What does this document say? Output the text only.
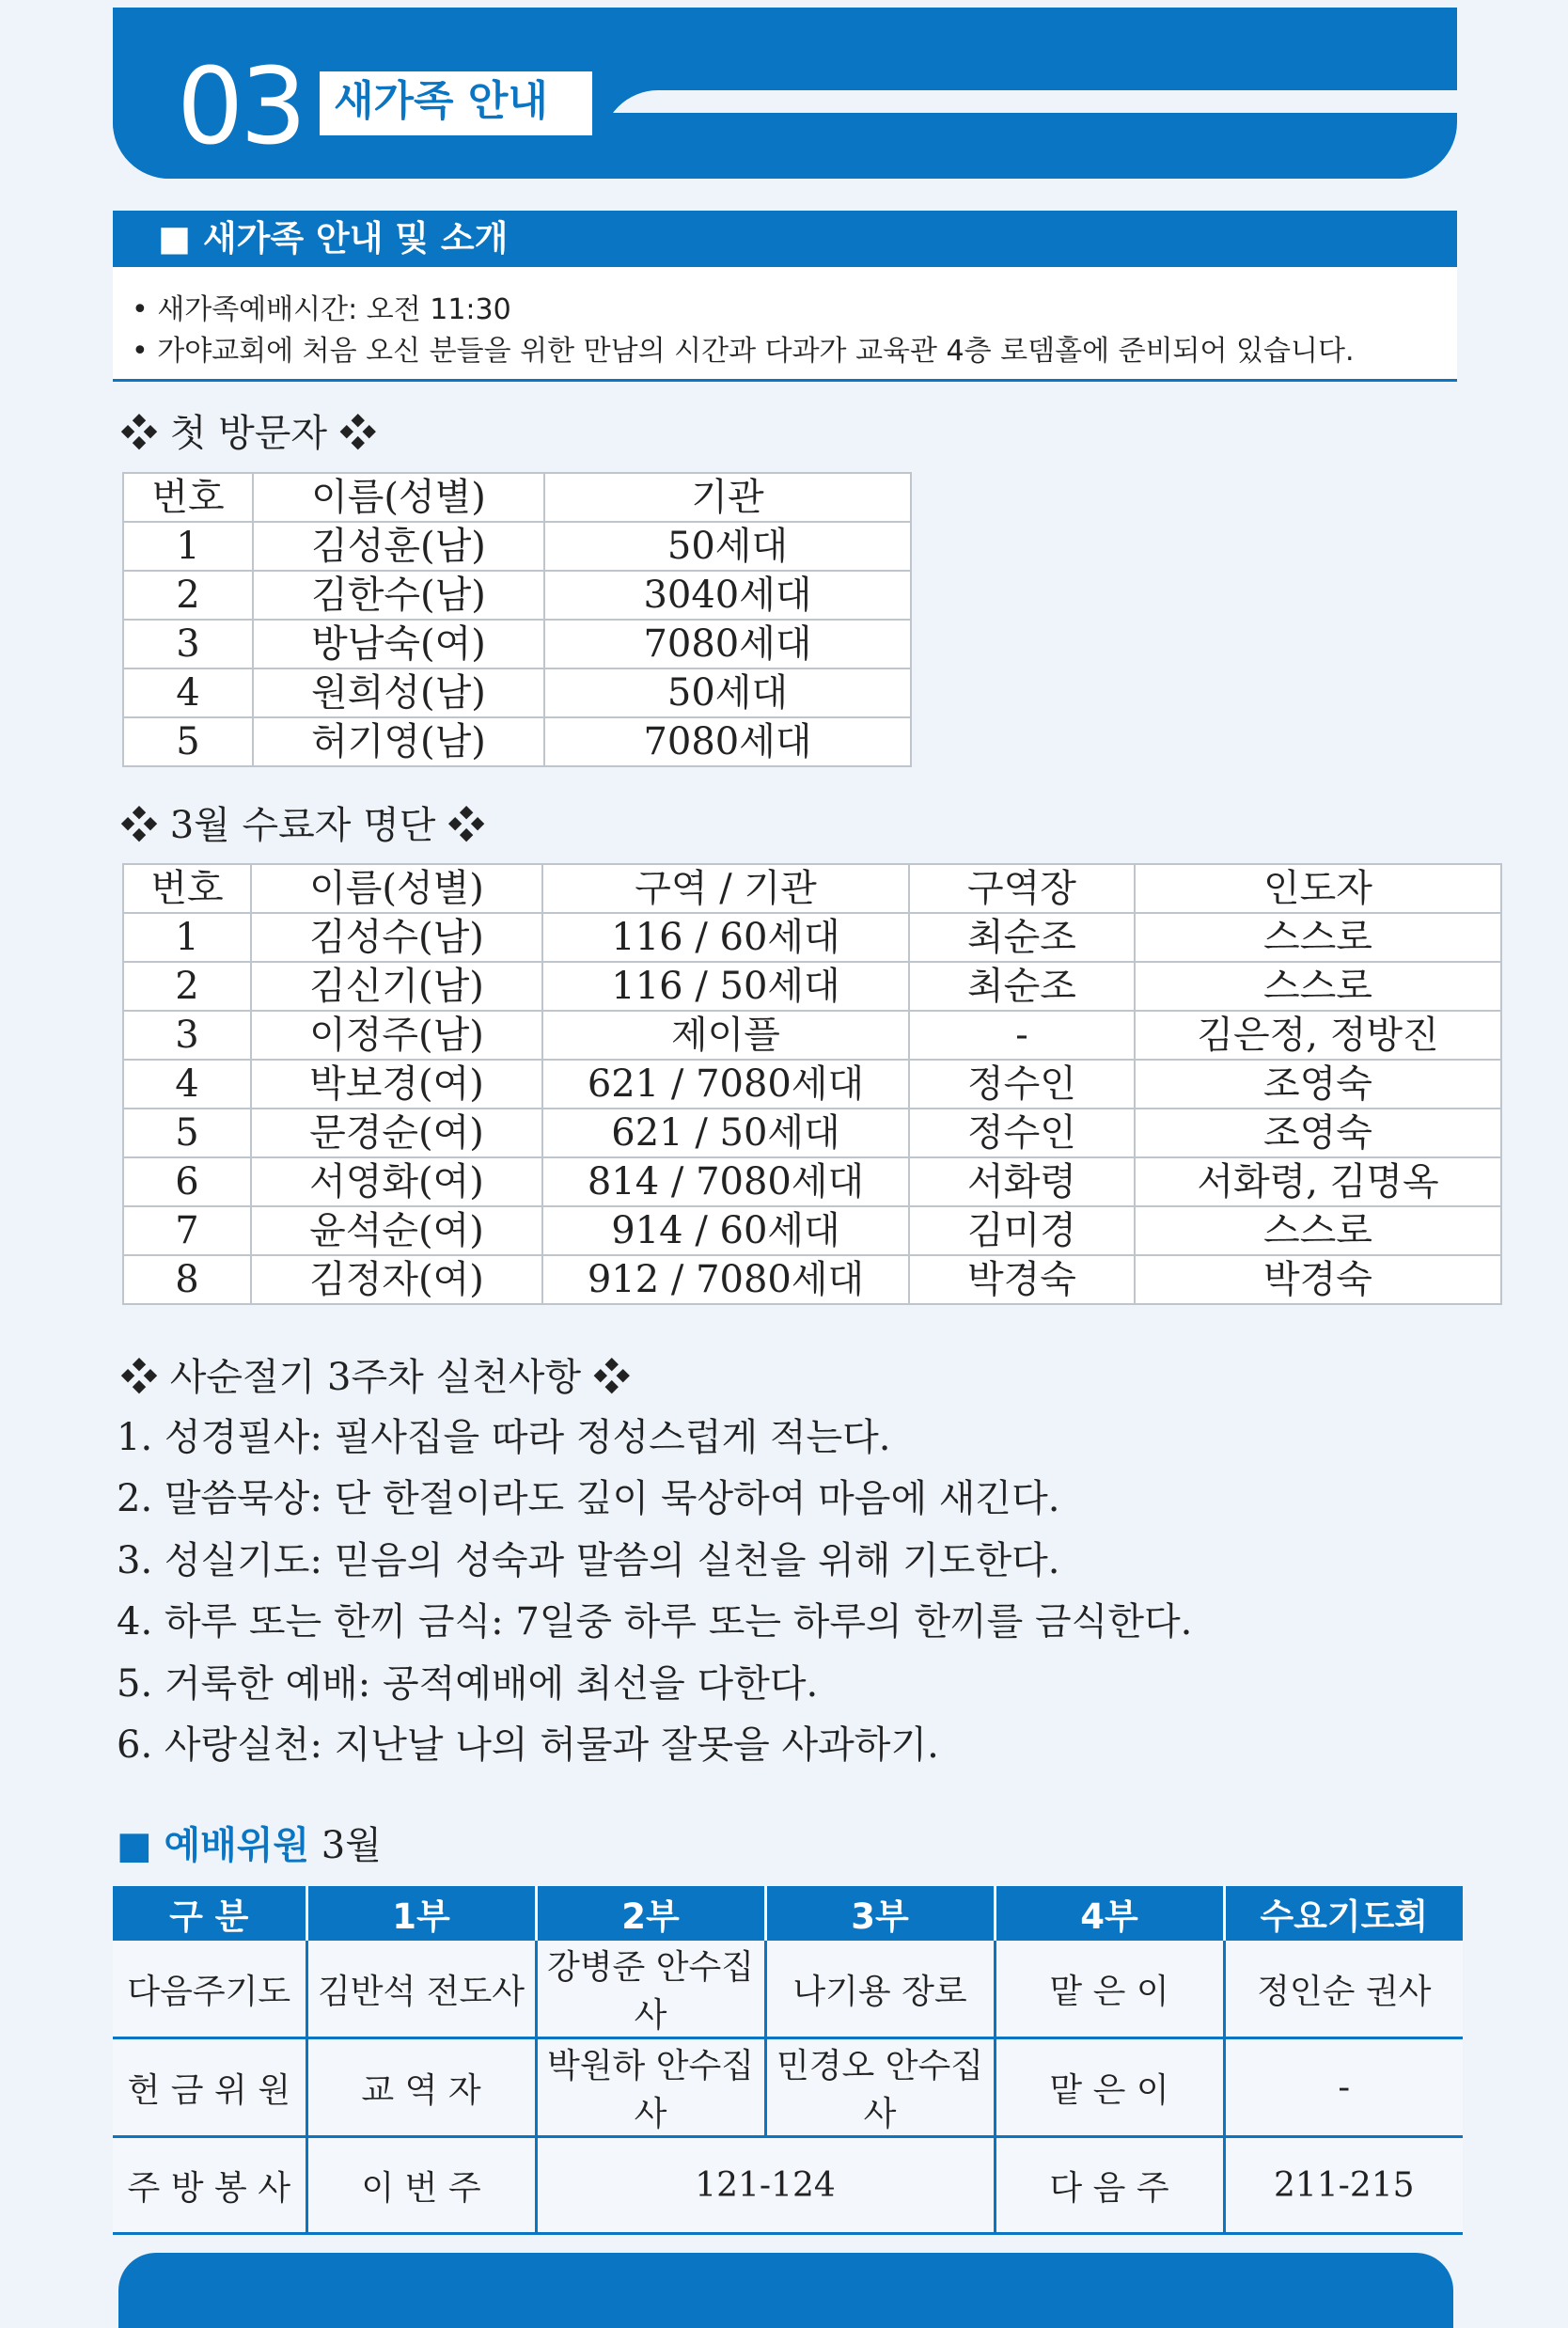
03 새가족 안내
■ 새가족 안내 및 소개
• 새가족예배시간: 오전 11:30
• 가야교회에 처음 오신 분들을 위한 만남의 시간과 다과가 교육관 4층 로뎀홀에 준비되어 있습니다.
❖ 첫 방문자 ❖
번호	이름(성별)	기관
1	김성훈(남)	50세대
2	김한수(남)	3040세대
3	방남숙(여)	7080세대
4	원희성(남)	50세대
5	허기영(남)	7080세대
❖ 3월 수료자 명단 ❖
번호	이름(성별)	구역 / 기관	구역장	인도자
1	김성수(남)	116 / 60세대	최순조	스스로
2	김신기(남)	116 / 50세대	최순조	스스로
3	이정주(남)	제이플	-	김은정, 정방진
4	박보경(여)	621 / 7080세대	정수인	조영숙
5	문경순(여)	621 / 50세대	정수인	조영숙
6	서영화(여)	814 / 7080세대	서화령	서화령, 김명옥
7	윤석순(여)	914 / 60세대	김미경	스스로
8	김정자(여)	912 / 7080세대	박경숙	박경숙
❖ 사순절기 3주차 실천사항 ❖
1. 성경필사: 필사집을 따라 정성스럽게 적는다.
2. 말씀묵상: 단 한절이라도 깊이 묵상하여 마음에 새긴다.
3. 성실기도: 믿음의 성숙과 말씀의 실천을 위해 기도한다.
4. 하루 또는 한끼 금식: 7일중 하루 또는 하루의 한끼를 금식한다.
5. 거룩한 예배: 공적예배에 최선을 다한다.
6. 사랑실천: 지난날 나의 허물과 잘못을 사과하기.
■ 예배위원 3월
구 분	1부	2부	3부	4부	수요기도회
다음주기도	김반석 전도사	강병준 안수집사	나기용 장로	맡 은 이	정인순 권사
헌 금 위 원	교 역 자	박원하 안수집사	민경오 안수집사	맡 은 이	-
주 방 봉 사	이 번 주	121-124		다 음 주	211-215
